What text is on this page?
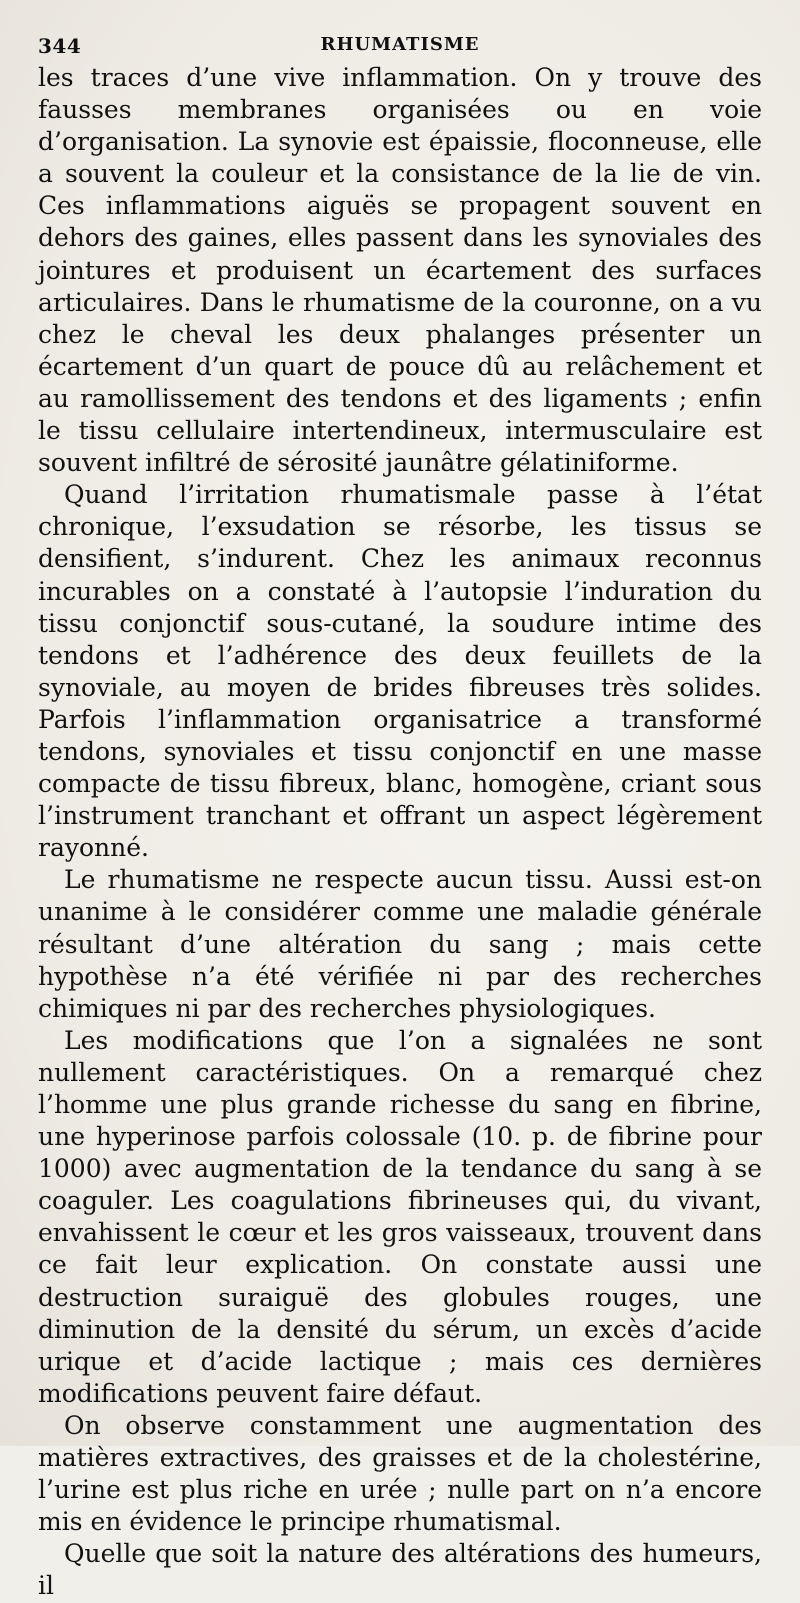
344	RHUMATISME

les traces d’une vive inflammation. On y trouve des fausses membranes organisées ou en voie d’organisation. La synovie est épaissie, floconneuse, elle a souvent la couleur et la consistance de la lie de vin. Ces inflammations aiguës se propagent souvent en dehors des gaines, elles passent dans les synoviales des jointures et produisent un écartement des surfaces articulaires. Dans le rhumatisme de la couronne, on a vu chez le cheval les deux phalanges présenter un écartement d’un quart de pouce dû au relâchement et au ramollissement des tendons et des ligaments ; enfin le tissu cellulaire intertendineux, intermusculaire est souvent infiltré de sérosité jaunâtre gélatiniforme.

Quand l’irritation rhumatismale passe à l’état chronique, l’exsudation se résorbe, les tissus se densifient, s’indurent. Chez les animaux reconnus incurables on a constaté à l’autopsie l’induration du tissu conjonctif sous-cutané, la soudure intime des tendons et l’adhérence des deux feuillets de la synoviale, au moyen de brides fibreuses très solides. Parfois l’inflammation organisatrice a transformé tendons, synoviales et tissu conjonctif en une masse compacte de tissu fibreux, blanc, homogène, criant sous l’instrument tranchant et offrant un aspect légèrement rayonné.

Le rhumatisme ne respecte aucun tissu. Aussi est-on unanime à le considérer comme une maladie générale résultant d’une altération du sang ; mais cette hypothèse n’a été vérifiée ni par des recherches chimiques ni par des recherches physiologiques.

Les modifications que l’on a signalées ne sont nullement caractéristiques. On a remarqué chez l’homme une plus grande richesse du sang en fibrine, une hyperinose parfois colossale (10. p. de fibrine pour 1000) avec augmentation de la tendance du sang à se coaguler. Les coagulations fibrineuses qui, du vivant, envahissent le cœur et les gros vaisseaux, trouvent dans ce fait leur explication. On constate aussi une destruction suraiguë des globules rouges, une diminution de la densité du sérum, un excès d’acide urique et d’acide lactique ; mais ces dernières modifications peuvent faire défaut.

On observe constamment une augmentation des matières extractives, des graisses et de la cholestérine, l’urine est plus riche en urée ; nulle part on n’a encore mis en évidence le principe rhumatismal.

Quelle que soit la nature des altérations des humeurs, il
